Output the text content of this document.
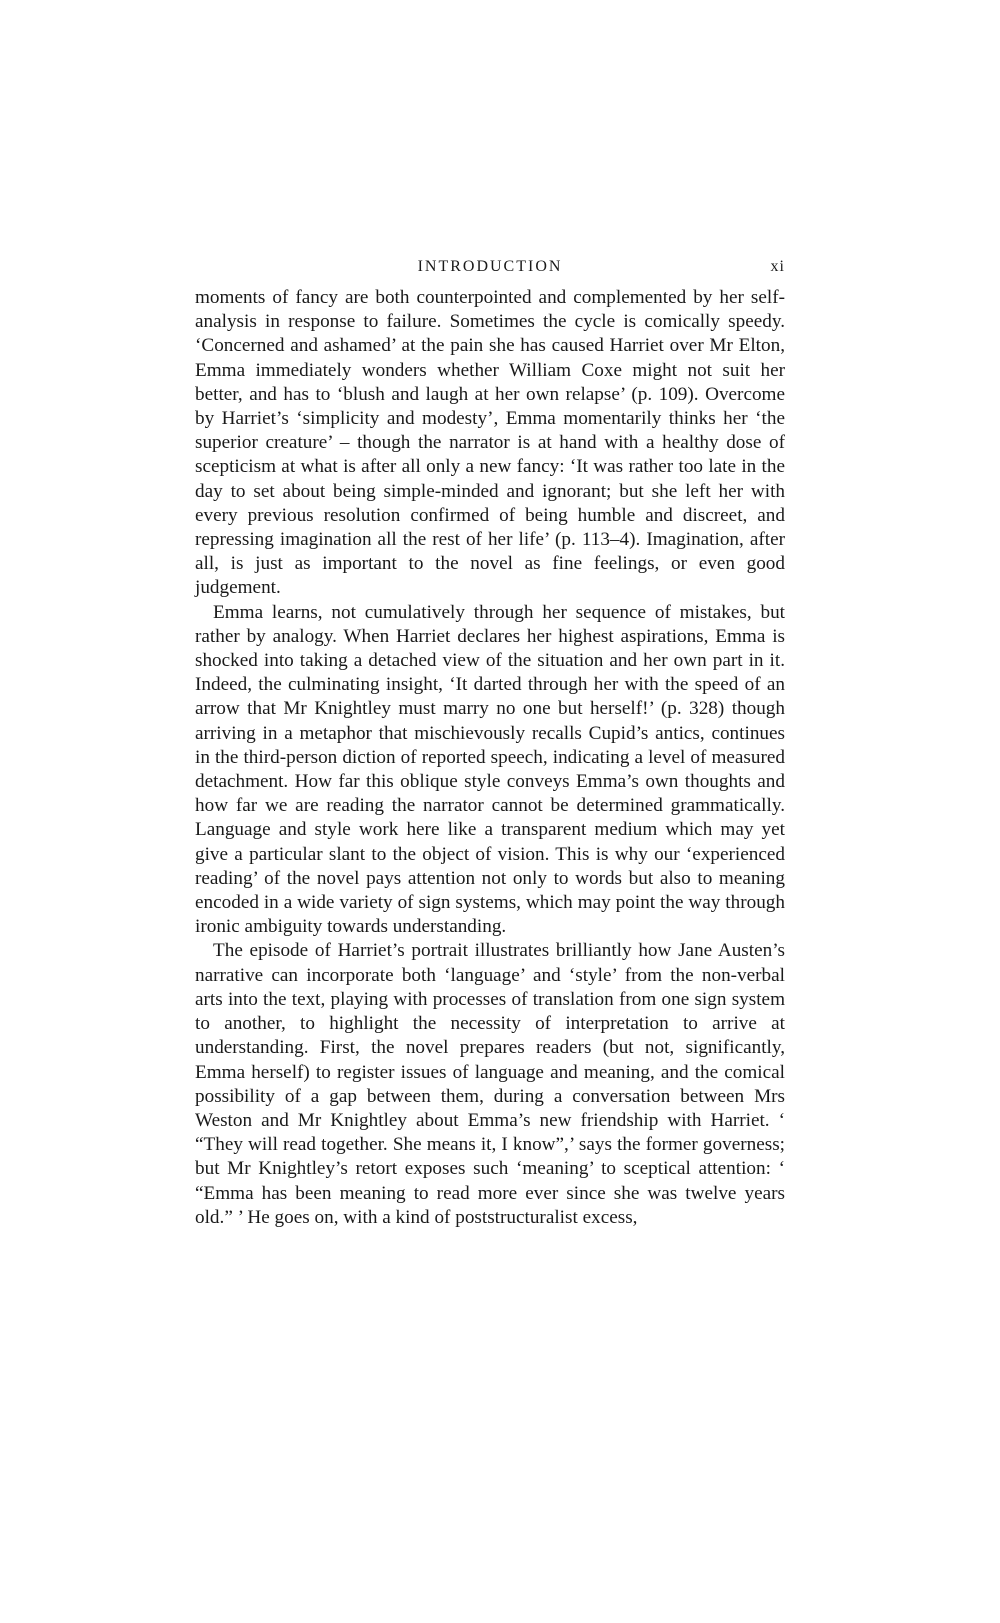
INTRODUCTION	xi

moments of fancy are both counterpointed and complemented by her self-analysis in response to failure. Sometimes the cycle is comically speedy. ‘Concerned and ashamed’ at the pain she has caused Harriet over Mr Elton, Emma immediately wonders whether William Coxe might not suit her better, and has to ‘blush and laugh at her own relapse’ (p. 109). Overcome by Harriet’s ‘simplicity and modesty’, Emma momentarily thinks her ‘the superior creature’ – though the narrator is at hand with a healthy dose of scepticism at what is after all only a new fancy: ‘It was rather too late in the day to set about being simple-minded and ignorant; but she left her with every previous resolution confirmed of being humble and discreet, and repressing imagination all the rest of her life’ (p. 113–4). Imagination, after all, is just as important to the novel as fine feelings, or even good judgement.

Emma learns, not cumulatively through her sequence of mistakes, but rather by analogy. When Harriet declares her highest aspirations, Emma is shocked into taking a detached view of the situation and her own part in it. Indeed, the culminating insight, ‘It darted through her with the speed of an arrow that Mr Knightley must marry no one but herself!’ (p. 328) though arriving in a metaphor that mischievously recalls Cupid’s antics, continues in the third-person diction of reported speech, indicating a level of measured detachment. How far this oblique style conveys Emma’s own thoughts and how far we are reading the narrator cannot be determined grammatically. Language and style work here like a transparent medium which may yet give a particular slant to the object of vision. This is why our ‘experienced reading’ of the novel pays attention not only to words but also to meaning encoded in a wide variety of sign systems, which may point the way through ironic ambiguity towards understanding.

The episode of Harriet’s portrait illustrates brilliantly how Jane Austen’s narrative can incorporate both ‘language’ and ‘style’ from the non-verbal arts into the text, playing with processes of translation from one sign system to another, to highlight the necessity of interpretation to arrive at understanding. First, the novel prepares readers (but not, significantly, Emma herself) to register issues of language and meaning, and the comical possibility of a gap between them, during a conversation between Mrs Weston and Mr Knightley about Emma’s new friendship with Harriet. ‘ “They will read together. She means it, I know”,’ says the former governess; but Mr Knightley’s retort exposes such ‘meaning’ to sceptical attention: ‘ “Emma has been meaning to read more ever since she was twelve years old.” ’ He goes on, with a kind of poststructuralist excess,
